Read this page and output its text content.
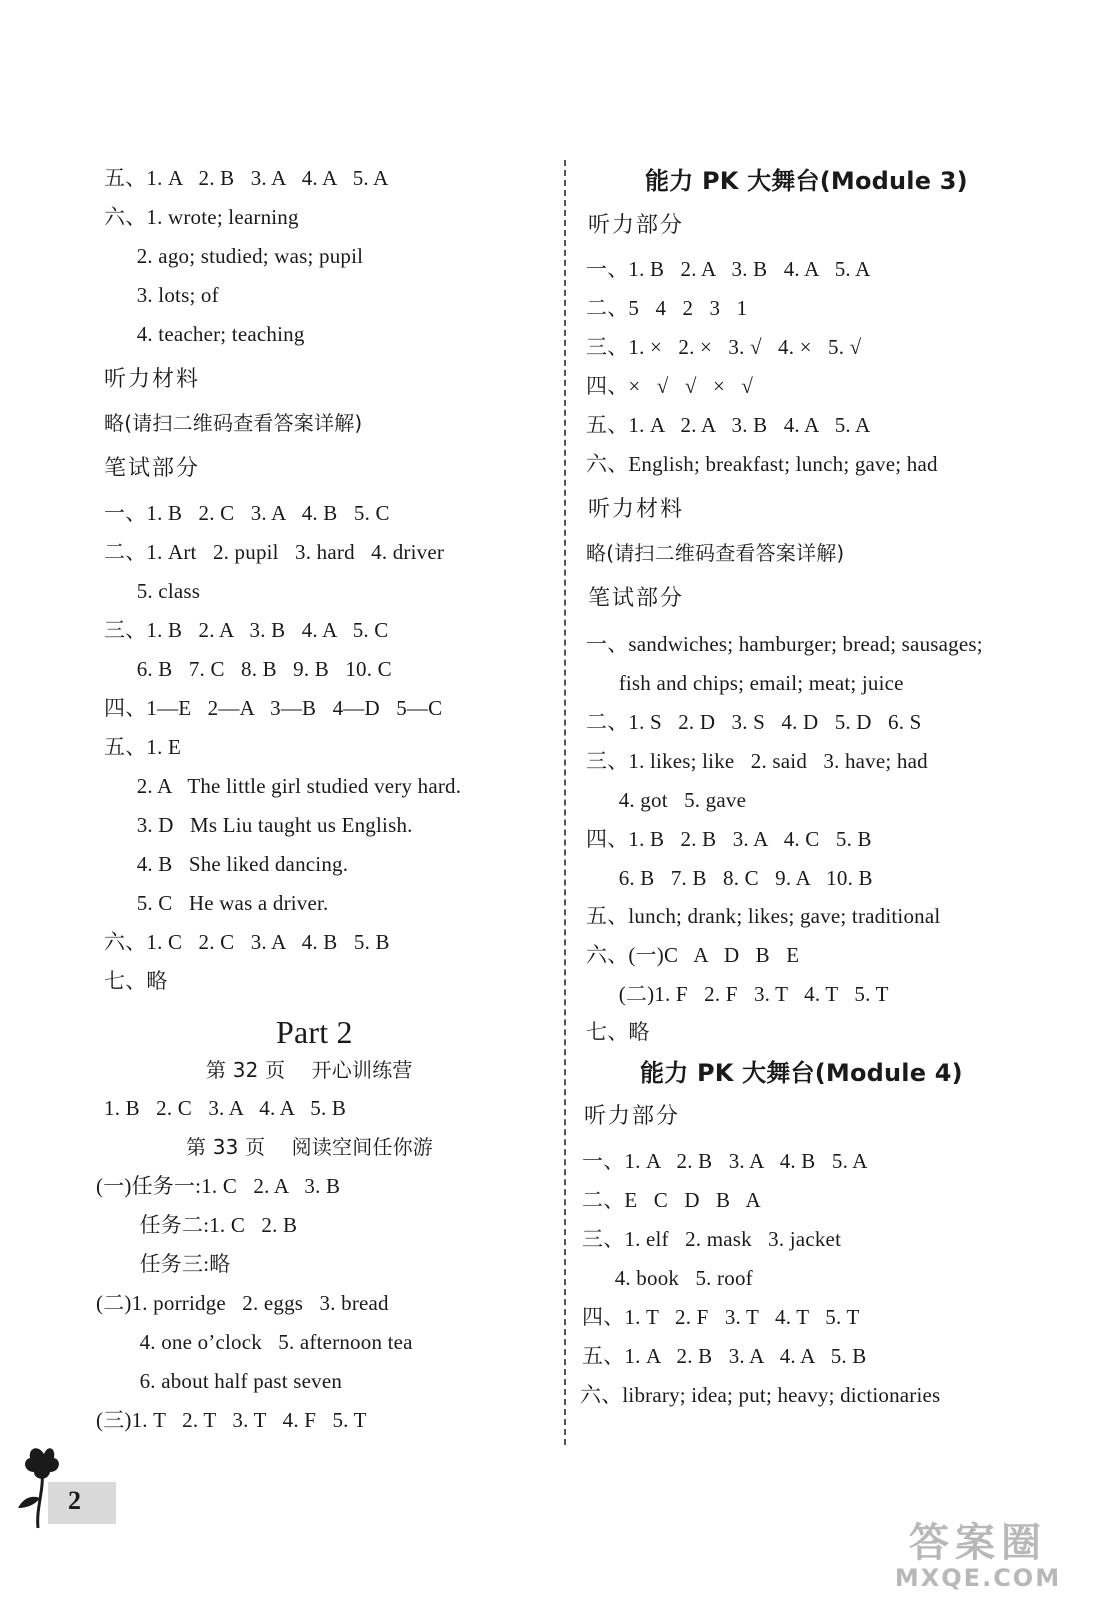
五、1. A   2. B   3. A   4. A   5. A
六、1. wrote; learning
2. ago; studied; was; pupil
3. lots; of
4. teacher; teaching
听力材料
略(请扫二维码查看答案详解)
笔试部分
一、1. B   2. C   3. A   4. B   5. C
二、1. Art   2. pupil   3. hard   4. driver
5. class
三、1. B   2. A   3. B   4. A   5. C
6. B   7. C   8. B   9. B   10. C
四、1—E   2—A   3—B   4—D   5—C
五、1. E
2. A   The little girl studied very hard.
3. D   Ms Liu taught us English.
4. B   She liked dancing.
5. C   He was a driver.
六、1. C   2. C   3. A   4. B   5. B
七、略
Part 2
第 32 页    开心训练营
1. B   2. C   3. A   4. A   5. B
第 33 页    阅读空间任你游
(一)任务一:1. C   2. A   3. B
任务二:1. C   2. B
任务三:略
(二)1. porridge   2. eggs   3. bread
4. one o’clock   5. afternoon tea
6. about half past seven
(三)1. T   2. T   3. T   4. F   5. T
能力 PK 大舞台(Module 3)
听力部分
一、1. B   2. A   3. B   4. A   5. A
二、5   4   2   3   1
三、1. ×   2. ×   3. √   4. ×   5. √
四、×   √   √   ×   √
五、1. A   2. A   3. B   4. A   5. A
六、English; breakfast; lunch; gave; had
听力材料
略(请扫二维码查看答案详解)
笔试部分
一、sandwiches; hamburger; bread; sausages;
fish and chips; email; meat; juice
二、1. S   2. D   3. S   4. D   5. D   6. S
三、1. likes; like   2. said   3. have; had
4. got   5. gave
四、1. B   2. B   3. A   4. C   5. B
6. B   7. B   8. C   9. A   10. B
五、lunch; drank; likes; gave; traditional
六、(一)C   A   D   B   E
(二)1. F   2. F   3. T   4. T   5. T
七、略
能力 PK 大舞台(Module 4)
听力部分
一、1. A   2. B   3. A   4. B   5. A
二、E   C   D   B   A
三、1. elf   2. mask   3. jacket
4. book   5. roof
四、1. T   2. F   3. T   4. T   5. T
五、1. A   2. B   3. A   4. A   5. B
六、library; idea; put; heavy; dictionaries
2
答案圈
MXQE.COM
